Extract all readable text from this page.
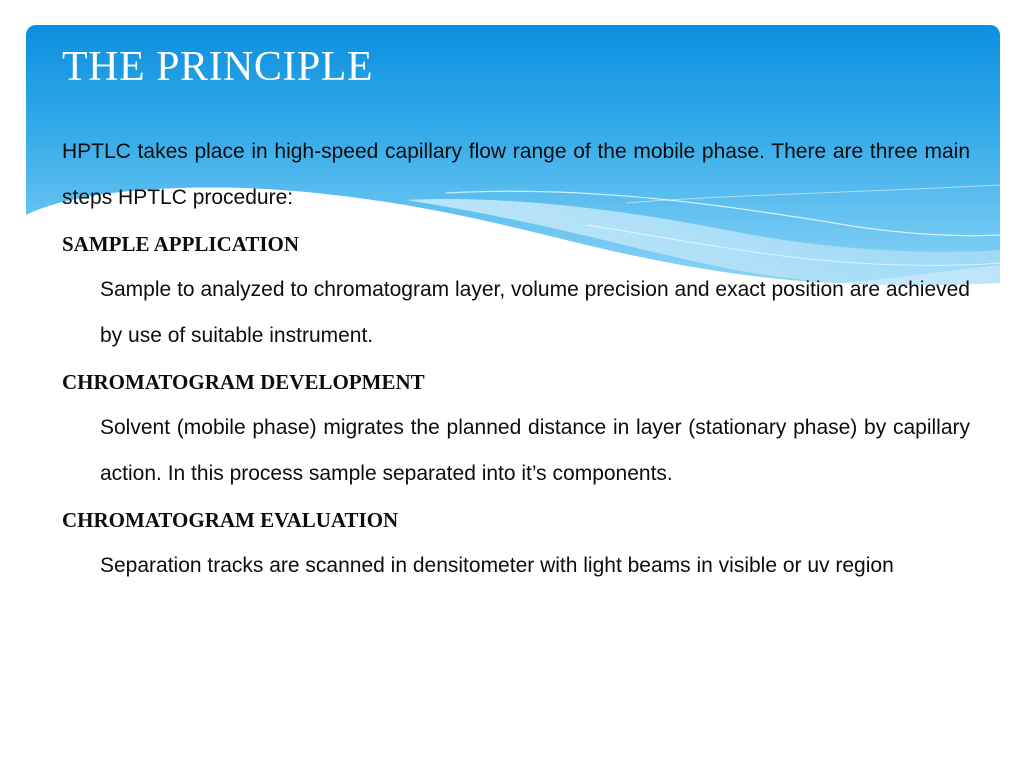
THE PRINCIPLE

HPTLC takes place in high-speed capillary flow range of the mobile phase. There are three main steps HPTLC procedure:

SAMPLE APPLICATION

Sample to analyzed to chromatogram layer, volume precision and exact position are achieved by use of suitable instrument.

CHROMATOGRAM DEVELOPMENT

Solvent (mobile phase) migrates the planned distance in layer (stationary phase) by capillary action. In this process sample separated into it’s components.

CHROMATOGRAM EVALUATION

Separation tracks are scanned in densitometer with light beams in visible or uv region
